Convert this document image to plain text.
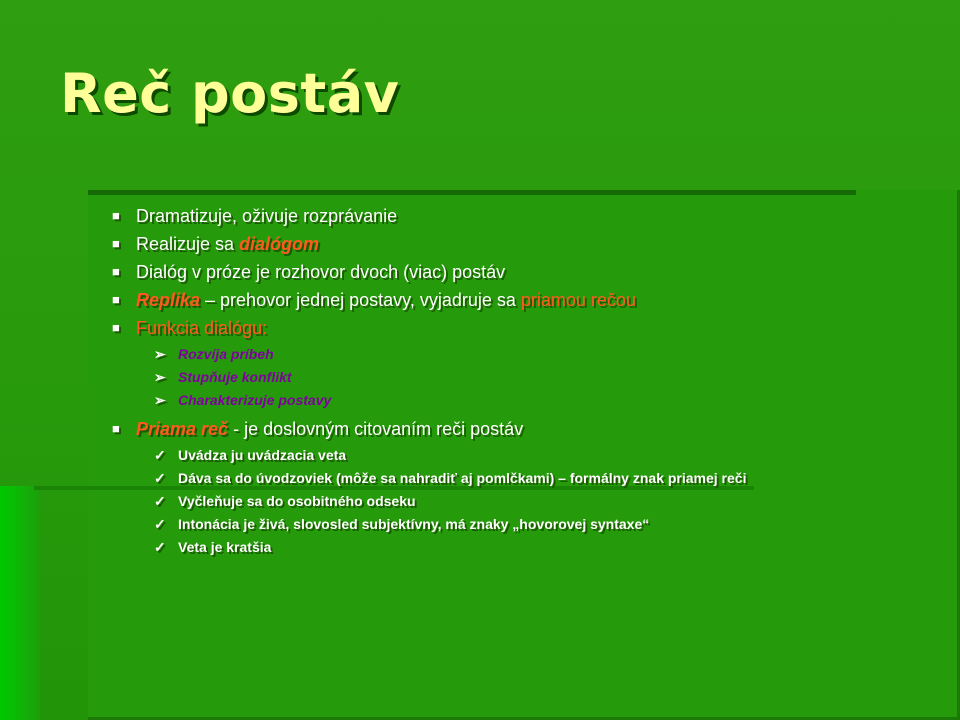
Reč postáv
■ Dramatizuje, oživuje rozprávanie
■ Realizuje sa dialógom
■ Dialóg v próze je rozhovor dvoch (viac) postáv
■ Replika – prehovor jednej postavy, vyjadruje sa priamou rečou
■ Funkcia dialógu:
➢ Rozvíja príbeh
➢ Stupňuje konflikt
➢ Charakterizuje postavy
■ Priama reč - je doslovným citovaním reči postáv
✓ Uvádza ju uvádzacia veta
✓ Dáva sa do úvodzoviek (môže sa nahradiť aj pomlčkami) – formálny znak priamej reči
✓ Vyčleňuje sa do osobitného odseku
✓ Intonácia je živá, slovosled subjektívny, má znaky „hovorovej syntaxe“
✓ Veta je kratšia
